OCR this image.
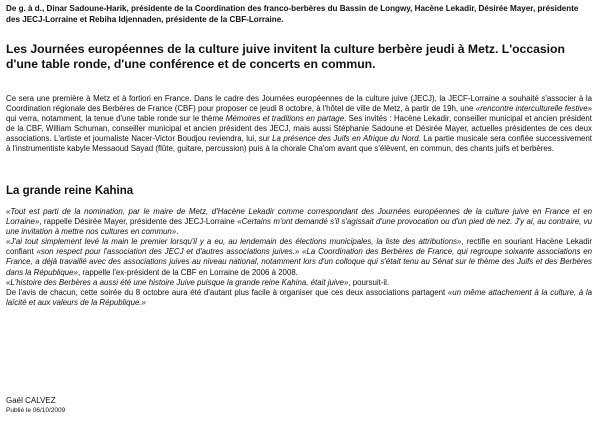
De g. à d., Dinar Sadoune-Harik, présidente de la Coordination des franco-berbères du Bassin de Longwy, Hacène Lekadir, Désirée Mayer, présidente des JECJ-Lorraine et Rebiha Idjennaden, présidente de la CBF-Lorraine.
Les Journées européennes de la culture juive invitent la culture berbère jeudi à Metz. L'occasion d'une table ronde, d'une conférence et de concerts en commun.

Ce sera une première à Metz et à fortiori en France. Dans le cadre des Journées européennes de la culture juive (JECJ), la JECF-Lorraine a souhaité s'associer à la Coordination régionale des Berbères de France (CBF) pour proposer ce jeudi 8 octobre, à l'hôtel de ville de Metz, à partir de 19h, une «rencontre interculturelle festive» qui verra, notamment, la tenue d'une table ronde sur le thème Mémoires et traditions en partage. Ses invités : Hacène Lekadir, conseiller municipal et ancien président de la CBF, William Schuman, conseiller municipal et ancien président des JECJ, mais aussi Stéphanie Sadoune et Désirée Mayer, actuelles présidentes de ces deux associations. L'artiste et journaliste Nacer-Victor Boudjou reviendra, lui, sur La présence des Juifs en Afrique du Nord. La partie musicale sera confiée successivement à l'instrumentiste kabyle Messaoud Sayad (flûte, guitare, percussion) puis à la chorale Cha'om avant que s'élèvent, en commun, des chants juifs et berbères.

La grande reine Kahina

«Tout est parti de la nomination, par le maire de Metz, d'Hacène Lekadir comme correspondant des Journées européennes de la culture juive en France et en Lorraine», rappelle Désirée Mayer, présidente des JECJ-Lorraine «Certains m'ont demandé s'il s'agissait d'une provocation ou d'un pied de nez. J'y ai, au contraire, vu une invitation à mettre nos cultures en commun».

«J'ai tout simplement levé la main le premier lorsqu'il y a eu, au lendemain des élections municipales, la liste des attributions», rectifie en souriant Hacène Lekadir confiant «son respect pour l'association des JECJ et d'autres associations juives.» «La Coordination des Berbères de France, qui regroupe soixante associations en France, a déjà travaillé avec des associations juives au niveau national, notamment lors d'un colloque qui s'était tenu au Sénat sur le thème des Juifs et des Berbères dans la République», rappelle l'ex-président de la CBF en Lorraine de 2006 à 2008.

«L'histoire des Berbères a aussi été une histoire Juive puisque la grande reine Kahina, était juive», poursuit-il.

De l'avis de chacun, cette soirée du 8 octobre aura été d'autant plus facile à organiser que ces deux associations partagent «un même attachement à la culture, à la laïcité et aux valeurs de la République.»

Gaël CALVEZ
Publié le 06/10/2009
